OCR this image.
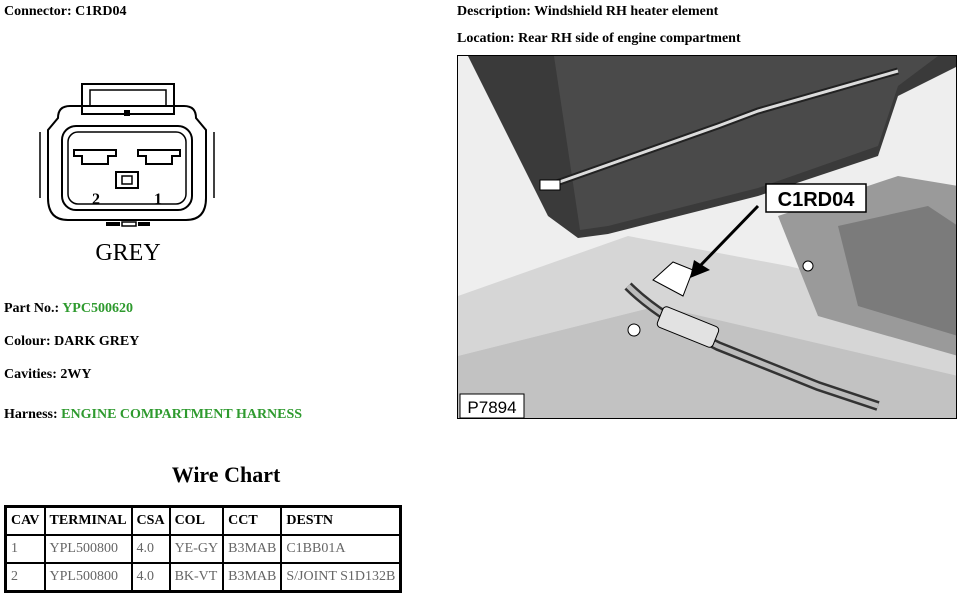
Connector: C1RD04	Description: Windshield RH heater element
Location: Rear RH side of engine compartment
2	1
GREY
C1RD04
P7894
Part No.: YPC500620
Colour: DARK GREY
Cavities: 2WY
Harness: ENGINE COMPARTMENT HARNESS
Wire Chart
CAV	TERMINAL	CSA	COL	CCT	DESTN
1	YPL500800	4.0	YE-GY	B3MAB	C1BB01A
2	YPL500800	4.0	BK-VT	B3MAB	S/JOINT S1D132B
